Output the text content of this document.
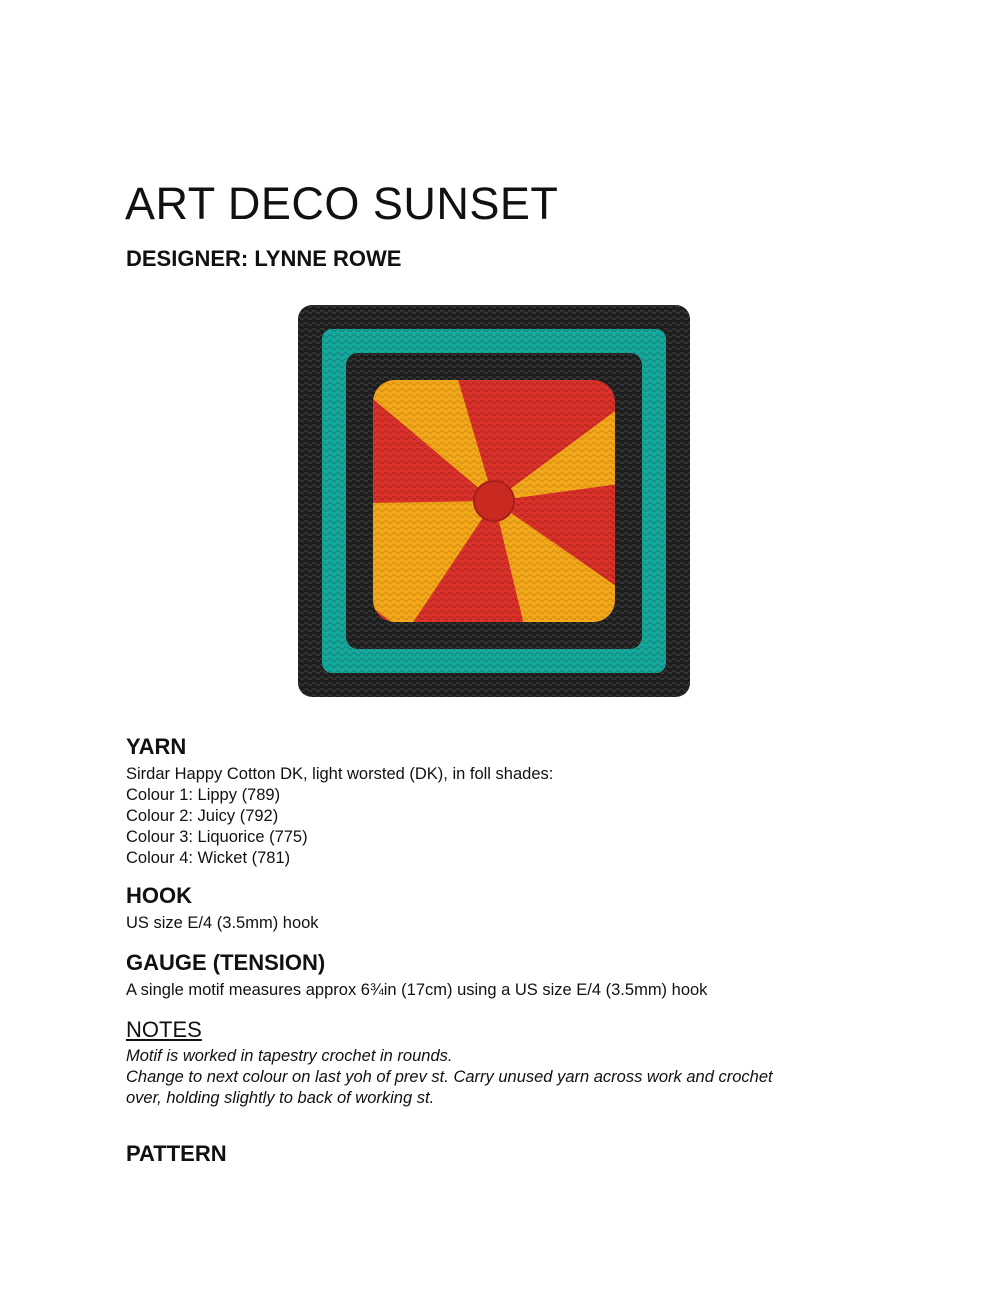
ART DECO SUNSET
DESIGNER: LYNNE ROWE
YARN

Sirdar Happy Cotton DK, light worsted (DK), in foll shades:

Colour 1: Lippy (789)

Colour 2: Juicy (792)

Colour 3: Liquorice (775)

Colour 4: Wicket (781)

HOOK

US size E/4 (3.5mm) hook

GAUGE (TENSION)

A single motif measures approx 6¾in (17cm) using a US size E/4 (3.5mm) hook

NOTES

Motif is worked in tapestry crochet in rounds.

Change to next colour on last yoh of prev st. Carry unused yarn across work and crochet

over, holding slightly to back of working st.

PATTERN
